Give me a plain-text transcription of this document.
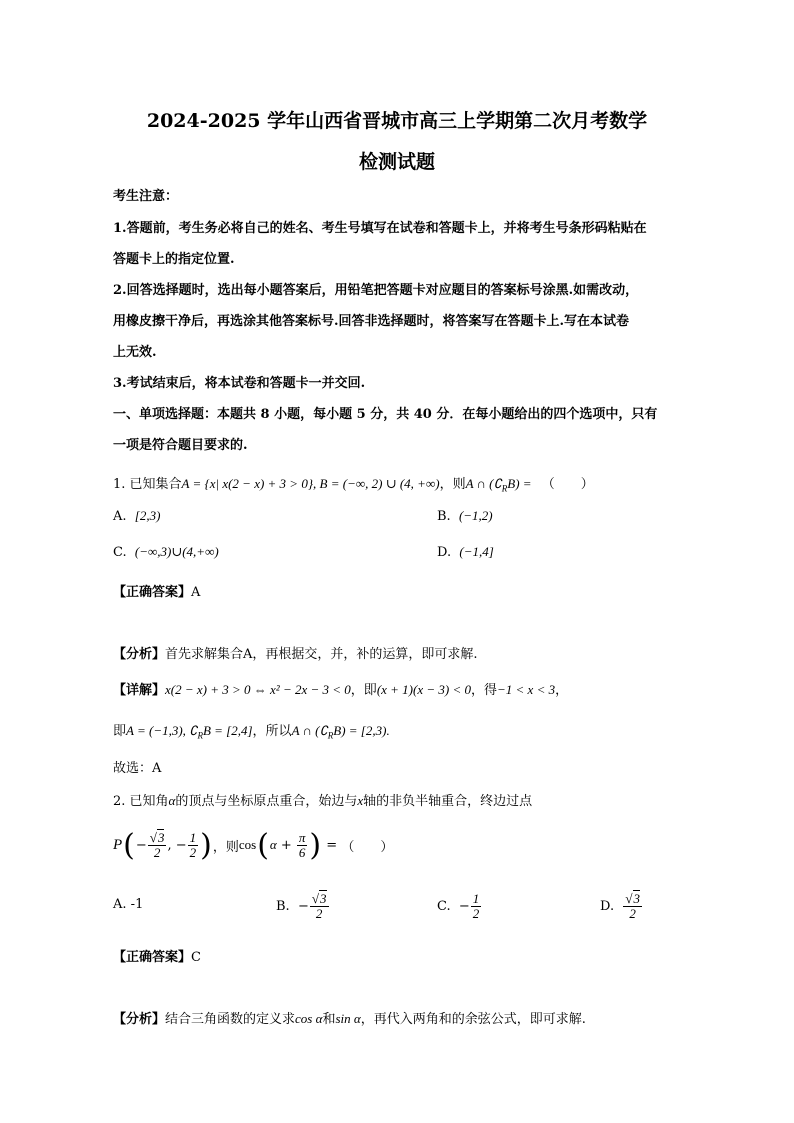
2024-2025 学年山西省晋城市高三上学期第二次月考数学
检测试题
考生注意：
1.答题前，考生务必将自己的姓名、考生号填写在试卷和答题卡上，并将考生号条形码粘贴在
答题卡上的指定位置.
2.回答选择题时，选出每小题答案后，用铅笔把答题卡对应题目的答案标号涂黑.如需改动，
用橡皮擦干净后，再选涂其他答案标号.回答非选择题时，将答案写在答题卡上.写在本试卷
上无效.
3.考试结束后，将本试卷和答题卡一并交回.
一、单项选择题：本题共 8 小题，每小题 5 分，共 40 分．在每小题给出的四个选项中，只有
一项是符合题目要求的.
1. 已知集合A = {x| x(2 − x) + 3 > 0}, B = (−∞, 2) ∪ (4, +∞)，则A ∩ $(∁_RB)$ = （　　）
A. [2,3)	B. (−1,2)
C. (−∞,3)∪(4,+∞)	D. (−1,4]
【正确答案】A
【分析】首先求解集合A，再根据交，并，补的运算，即可求解.
【详解】x(2 − x) + 3 > 0 ⇔ x² − 2x − 3 < 0，即(x + 1)(x − 3) < 0，得−1 < x < 3，
即A = (−1,3), $∁_RB = [2,4]$，所以A ∩ $(∁_RB) = [2,3)$.
故选：A
2. 已知角α的顶点与坐标原点重合，始边与x轴的非负半轴重合，终边过点
P ( − $\frac{√3}{2}$ , − $\frac{1}{2}$ ) ，则 cos ( $\alpha + \frac{\pi}{6}$ ) = （　　）
A. -1	B.
− $\frac{√3}{2}$	C.
− $\frac{1}{2}$	D.
$\frac{√3}{2}$
【正确答案】C
【分析】结合三角函数的定义求cos α和sin α，再代入两角和的余弦公式，即可求解.
